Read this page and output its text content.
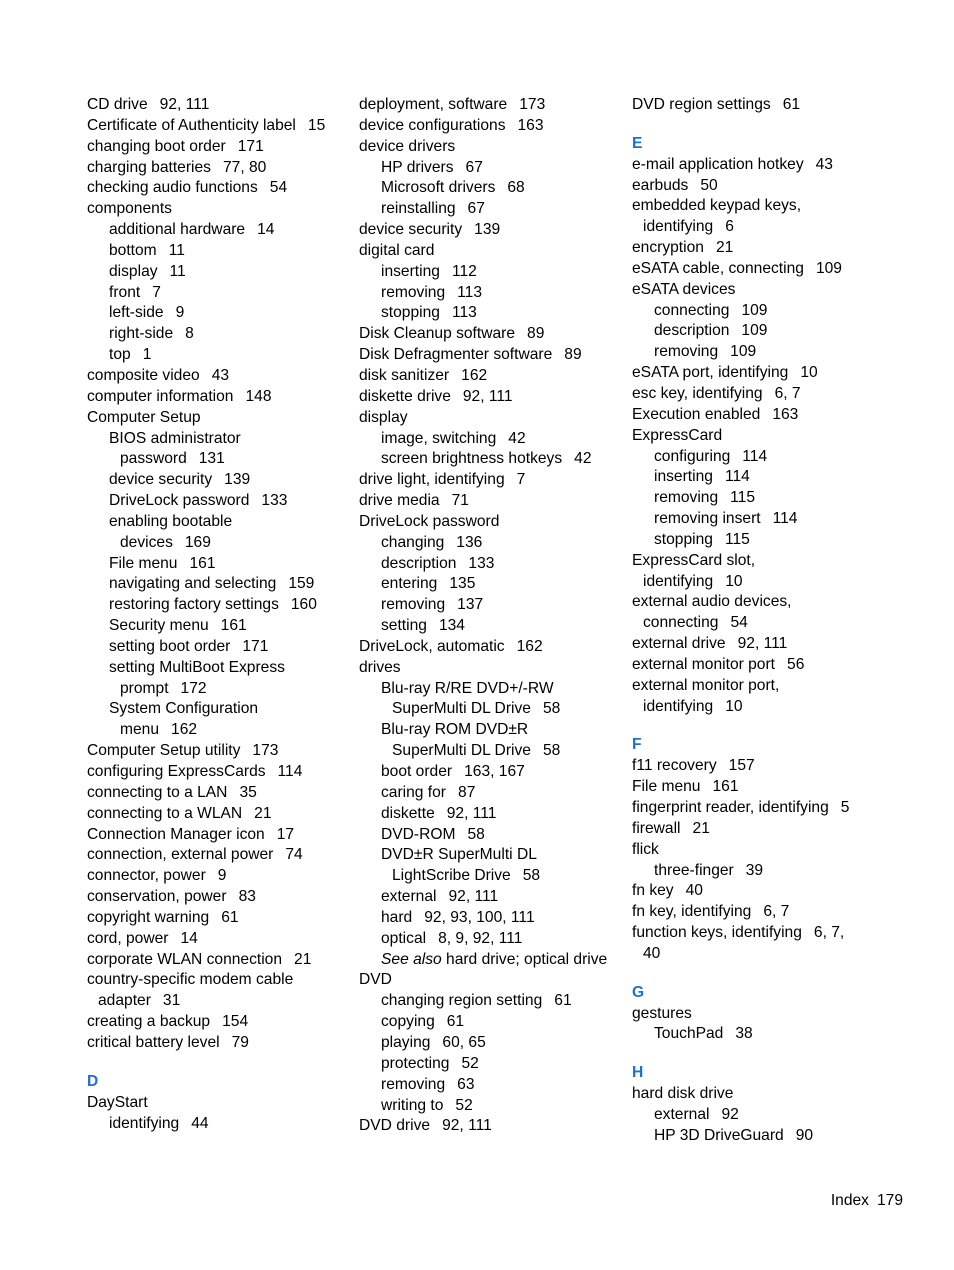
CD drive 92, 111
Certificate of Authenticity label 15
changing boot order 171
charging batteries 77, 80
checking audio functions 54
components
additional hardware 14
bottom 11
display 11
front 7
left-side 9
right-side 8
top 1
composite video 43
computer information 148
Computer Setup
BIOS administrator
password 131
device security 139
DriveLock password 133
enabling bootable
devices 169
File menu 161
navigating and selecting 159
restoring factory settings 160
Security menu 161
setting boot order 171
setting MultiBoot Express
prompt 172
System Configuration
menu 162
Computer Setup utility 173
configuring ExpressCards 114
connecting to a LAN 35
connecting to a WLAN 21
Connection Manager icon 17
connection, external power 74
connector, power 9
conservation, power 83
copyright warning 61
cord, power 14
corporate WLAN connection 21
country-specific modem cable
adapter 31
creating a backup 154
critical battery level 79
D
DayStart
identifying 44
deployment, software 173
device configurations 163
device drivers
HP drivers 67
Microsoft drivers 68
reinstalling 67
device security 139
digital card
inserting 112
removing 113
stopping 113
Disk Cleanup software 89
Disk Defragmenter software 89
disk sanitizer 162
diskette drive 92, 111
display
image, switching 42
screen brightness hotkeys 42
drive light, identifying 7
drive media 71
DriveLock password
changing 136
description 133
entering 135
removing 137
setting 134
DriveLock, automatic 162
drives
Blu-ray R/RE DVD+/-RW
SuperMulti DL Drive 58
Blu-ray ROM DVD±R
SuperMulti DL Drive 58
boot order 163, 167
caring for 87
diskette 92, 111
DVD-ROM 58
DVD±R SuperMulti DL
LightScribe Drive 58
external 92, 111
hard 92, 93, 100, 111
optical 8, 9, 92, 111
See also hard drive; optical drive
DVD
changing region setting 61
copying 61
playing 60, 65
protecting 52
removing 63
writing to 52
DVD drive 92, 111
DVD region settings 61
E
e-mail application hotkey 43
earbuds 50
embedded keypad keys,
identifying 6
encryption 21
eSATA cable, connecting 109
eSATA devices
connecting 109
description 109
removing 109
eSATA port, identifying 10
esc key, identifying 6, 7
Execution enabled 163
ExpressCard
configuring 114
inserting 114
removing 115
removing insert 114
stopping 115
ExpressCard slot,
identifying 10
external audio devices,
connecting 54
external drive 92, 111
external monitor port 56
external monitor port,
identifying 10
F
f11 recovery 157
File menu 161
fingerprint reader, identifying 5
firewall 21
flick
three-finger 39
fn key 40
fn key, identifying 6, 7
function keys, identifying 6, 7,
40
G
gestures
TouchPad 38
H
hard disk drive
external 92
HP 3D DriveGuard 90
Index 179
